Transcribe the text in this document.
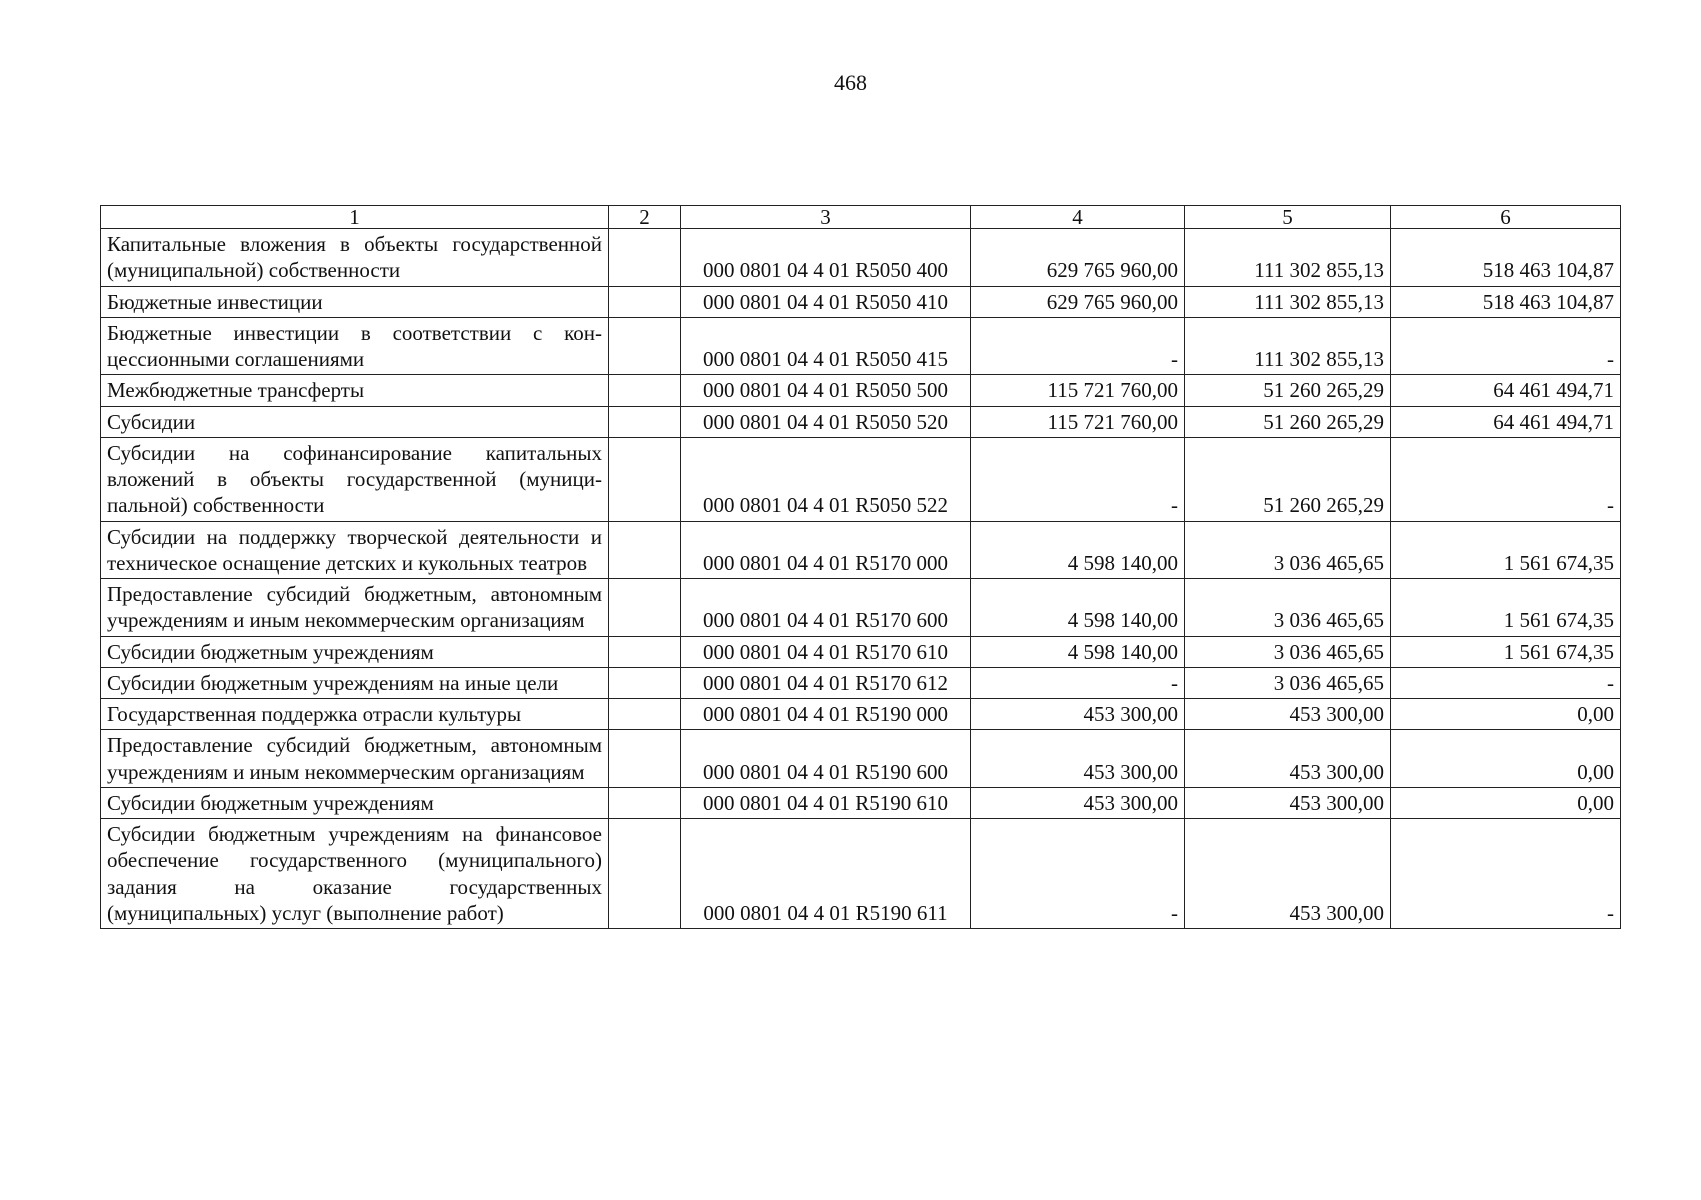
468
1	2	3	4	5	6
Капитальные вложения в объекты государственной (муниципальной) собственности		000 0801 04 4 01 R5050 400	629 765 960,00	111 302 855,13	518 463 104,87
Бюджетные инвестиции		000 0801 04 4 01 R5050 410	629 765 960,00	111 302 855,13	518 463 104,87
Бюджетные инвестиции в соответствии с концессионными соглашениями		000 0801 04 4 01 R5050 415	-	111 302 855,13	-
Межбюджетные трансферты		000 0801 04 4 01 R5050 500	115 721 760,00	51 260 265,29	64 461 494,71
Субсидии		000 0801 04 4 01 R5050 520	115 721 760,00	51 260 265,29	64 461 494,71
Субсидии на софинансирование капитальных вложений в объекты государственной (муниципальной) собственности		000 0801 04 4 01 R5050 522	-	51 260 265,29	-
Субсидии на поддержку творческой деятельности и техническое оснащение детских и кукольных театров		000 0801 04 4 01 R5170 000	4 598 140,00	3 036 465,65	1 561 674,35
Предоставление субсидий бюджетным, автономным учреждениям и иным некоммерческим организациям		000 0801 04 4 01 R5170 600	4 598 140,00	3 036 465,65	1 561 674,35
Субсидии бюджетным учреждениям		000 0801 04 4 01 R5170 610	4 598 140,00	3 036 465,65	1 561 674,35
Субсидии бюджетным учреждениям на иные цели		000 0801 04 4 01 R5170 612	-	3 036 465,65	-
Государственная поддержка отрасли культуры		000 0801 04 4 01 R5190 000	453 300,00	453 300,00	0,00
Предоставление субсидий бюджетным, автономным учреждениям и иным некоммерческим организациям		000 0801 04 4 01 R5190 600	453 300,00	453 300,00	0,00
Субсидии бюджетным учреждениям		000 0801 04 4 01 R5190 610	453 300,00	453 300,00	0,00
Субсидии бюджетным учреждениям на финансовое обеспечение государственного (муниципального) задания на оказание государственных (муниципальных) услуг (выполнение работ)		000 0801 04 4 01 R5190 611	-	453 300,00	-
